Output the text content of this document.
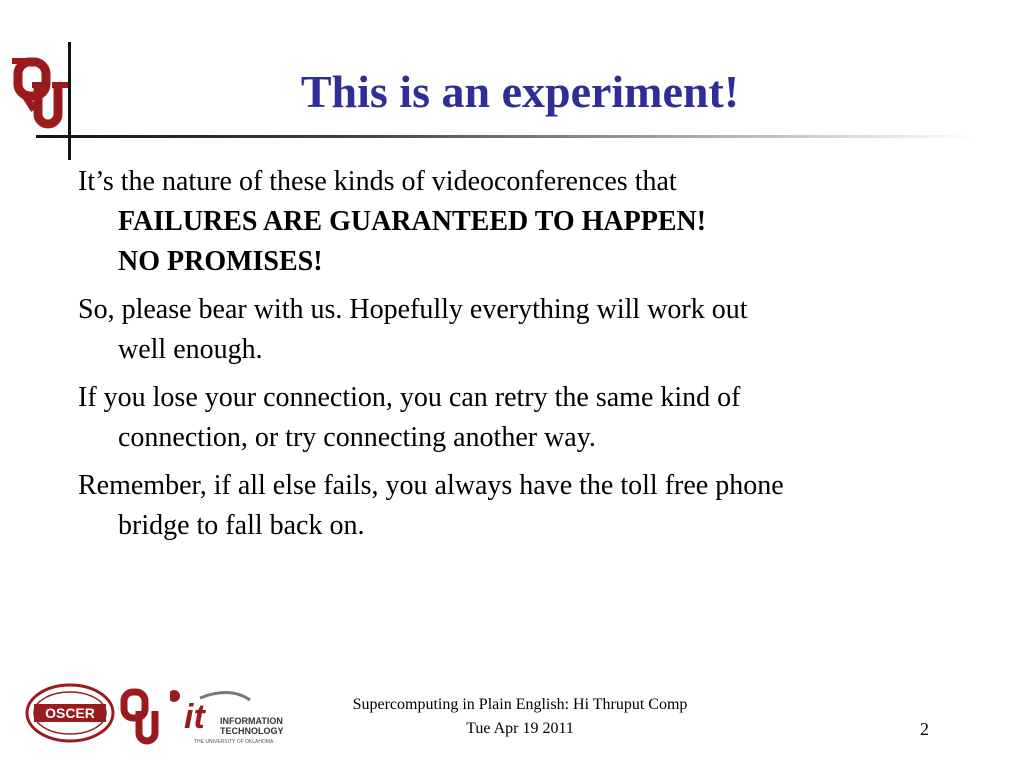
This is an experiment!
It’s the nature of these kinds of videoconferences that
FAILURES ARE GUARANTEED TO HAPPEN!
NO PROMISES!
So, please bear with us. Hopefully everything will work out
well enough.
If you lose your connection, you can retry the same kind of
connection, or try connecting another way.
Remember, if all else fails, you always have the toll free phone
bridge to fall back on.
OSCER	it INFORMATION
TECHNOLOGY
THE UNIVERSITY OF OKLAHOMA
Supercomputing in Plain English: Hi Thruput Comp
Tue Apr 19 2011	2
